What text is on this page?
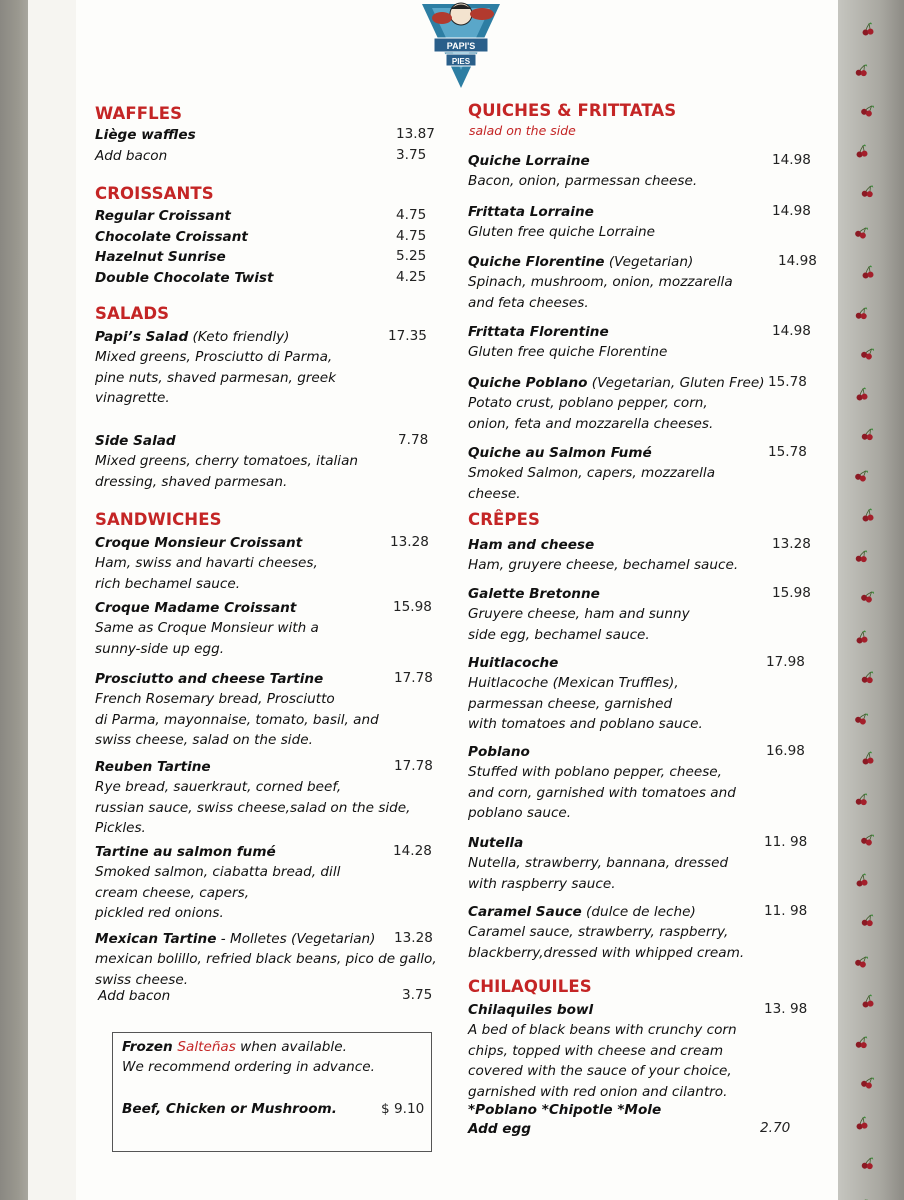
PAPI'S
PIES
WAFFLES
Liège waffles	13.87
Add bacon	3.75
CROISSANTS
Regular Croissant	4.75
Chocolate Croissant	4.75
Hazelnut Sunrise	5.25
Double Chocolate Twist	4.25
SALADS
Papi’s Salad (Keto friendly)	17.35
Mixed greens, Prosciutto di Parma,
pine nuts, shaved parmesan, greek
vinagrette.
Side Salad	7.78
Mixed greens, cherry tomatoes, italian
dressing, shaved parmesan.
SANDWICHES
Croque Monsieur Croissant	13.28
Ham, swiss and havarti cheeses,
rich bechamel sauce.
Croque Madame Croissant	15.98
Same as Croque Monsieur with a
sunny-side up egg.
Prosciutto and cheese Tartine	17.78
French Rosemary bread, Prosciutto
di Parma, mayonnaise, tomato, basil, and
swiss cheese, salad on the side.
Reuben Tartine	17.78
Rye bread, sauerkraut, corned beef,
russian sauce, swiss cheese,salad on the side,
Pickles.
Tartine au salmon fumé	14.28
Smoked salmon, ciabatta bread, dill
cream cheese, capers,
pickled red onions.
Mexican Tartine - Molletes (Vegetarian) 13.28
mexican bolillo, refried black beans, pico de gallo,
swiss cheese.
Add bacon	3.75
QUICHES & FRITTATAS
salad on the side
Quiche Lorraine	14.98
Bacon, onion, parmessan cheese.
Frittata Lorraine	14.98
Gluten free quiche Lorraine
Quiche Florentine (Vegetarian)	14.98
Spinach, mushroom, onion, mozzarella
and feta cheeses.
Frittata Florentine	14.98
Gluten free quiche Florentine
Quiche Poblano (Vegetarian, Gluten Free) 15.78
Potato crust, poblano pepper, corn,
onion, feta and mozzarella cheeses.
Quiche au Salmon Fumé	15.78
Smoked Salmon, capers, mozzarella
cheese.
CRÊPES
Ham and cheese	13.28
Ham, gruyere cheese, bechamel sauce.
Galette Bretonne	15.98
Gruyere cheese, ham and sunny
side egg, bechamel sauce.
Huitlacoche	17.98
Huitlacoche (Mexican Truffles),
parmessan cheese, garnished
with tomatoes and poblano sauce.
Poblano	16.98
Stuffed with poblano pepper, cheese,
and corn, garnished with tomatoes and
poblano sauce.
Nutella	11. 98
Nutella, strawberry, bannana, dressed
with raspberry sauce.
Caramel Sauce (dulce de leche)	11. 98
Caramel sauce, strawberry, raspberry,
blackberry,dressed with whipped cream.
CHILAQUILES
Chilaquiles bowl	13. 98
A bed of black beans with crunchy corn
chips, topped with cheese and cream
covered with the sauce of your choice,
garnished with red onion and cilantro.
*Poblano *Chipotle *Mole
Add egg	2.70
Frozen Salteñas when available.
We recommend ordering in advance.
Beef, Chicken or Mushroom.	$ 9.10
